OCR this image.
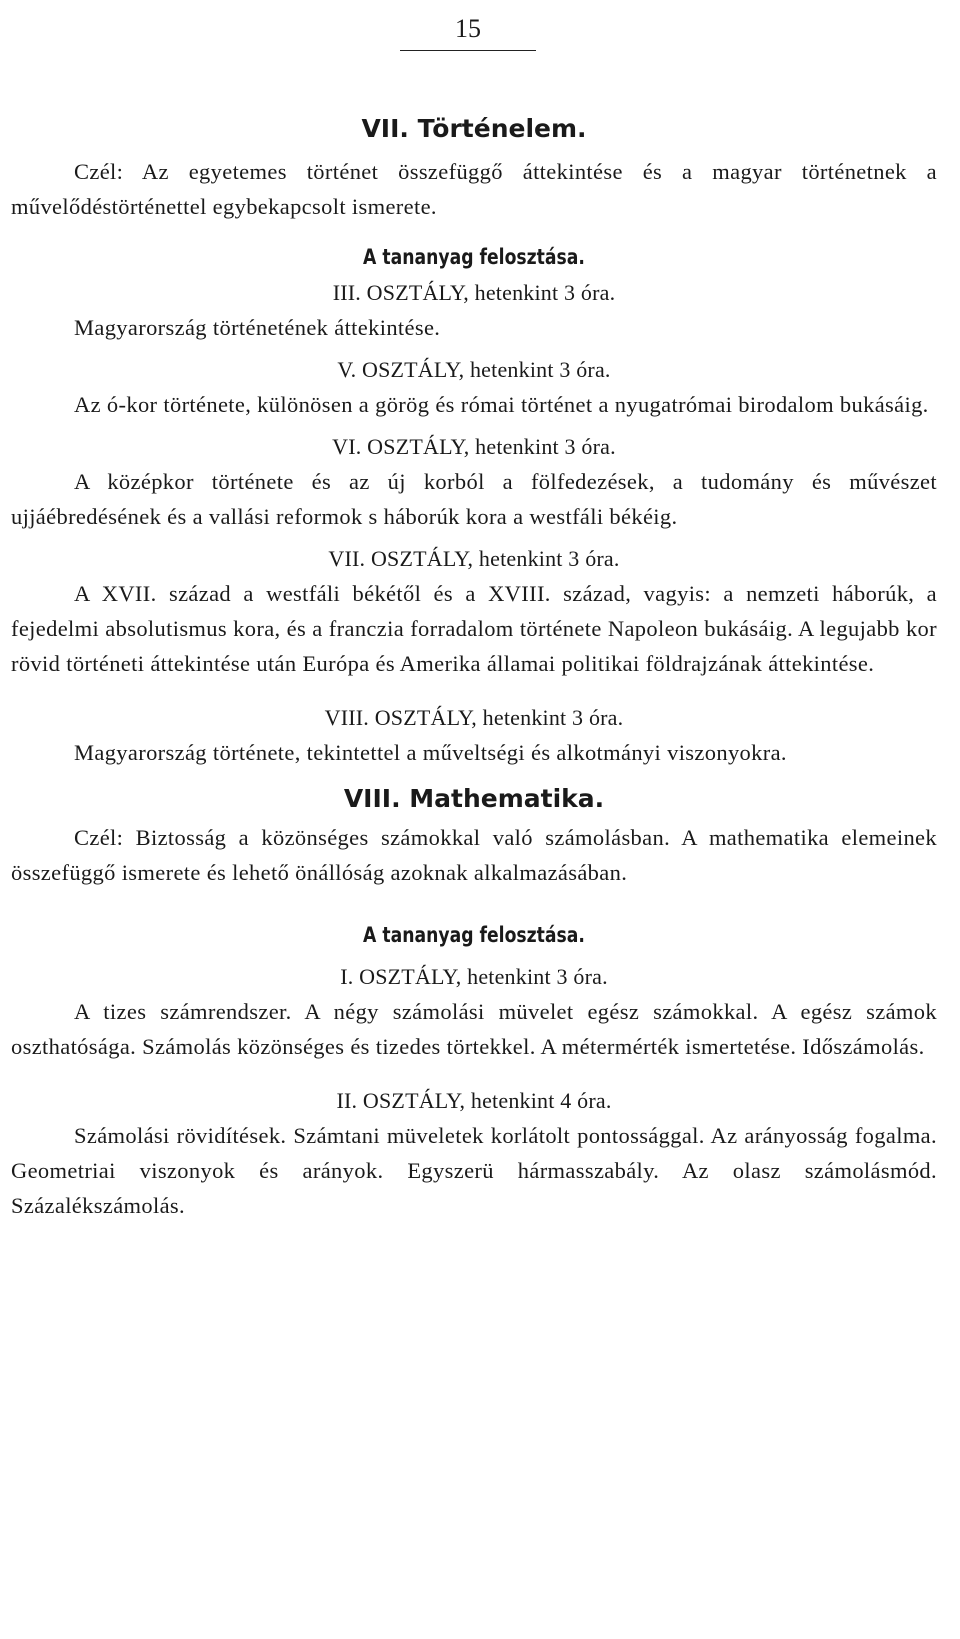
15
VII. Történelem.

Czél: Az egyetemes történet összefüggő áttekintése és a magyar történetnek a művelődéstörténettel egybekapcsolt ismerete.

A tananyag felosztása.
III. OSZTÁLY, hetenkint 3 óra.

Magyarország történetének áttekintése.

V. OSZTÁLY, hetenkint 3 óra.

Az ó-kor története, különösen a görög és római történet a nyugatrómai birodalom bukásáig.

VI. OSZTÁLY, hetenkint 3 óra.

A középkor története és az új korból a fölfedezések, a tudomány és művészet ujjáébredésének és a vallási reformok s háborúk kora a westfáli békéig.

VII. OSZTÁLY, hetenkint 3 óra.

A XVII. század a westfáli békétől és a XVIII. század, vagyis: a nemzeti háborúk, a fejedelmi absolutismus kora, és a franczia forradalom története Napoleon bukásáig. A legujabb kor rövid történeti áttekintése után Európa és Amerika államai politikai földrajzának áttekintése.

VIII. OSZTÁLY, hetenkint 3 óra.

Magyarország története, tekintettel a műveltségi és alkotmányi viszonyokra.

VIII. Mathematika.

Czél: Biztosság a közönséges számokkal való számolásban. A mathematika elemeinek összefüggő ismerete és lehető önállóság azoknak alkalmazásában.

A tananyag felosztása.
I. OSZTÁLY, hetenkint 3 óra.

A tizes számrendszer. A négy számolási müvelet egész számokkal. A egész számok oszthatósága. Számolás közönséges és tizedes törtekkel. A métermérték ismertetése. Időszámolás.

II. OSZTÁLY, hetenkint 4 óra.

Számolási rövidítések. Számtani müveletek korlátolt pontossággal. Az arányosság fogalma. Geometriai viszonyok és arányok. Egyszerü hármasszabály. Az olasz számolásmód. Százalékszámolás.
